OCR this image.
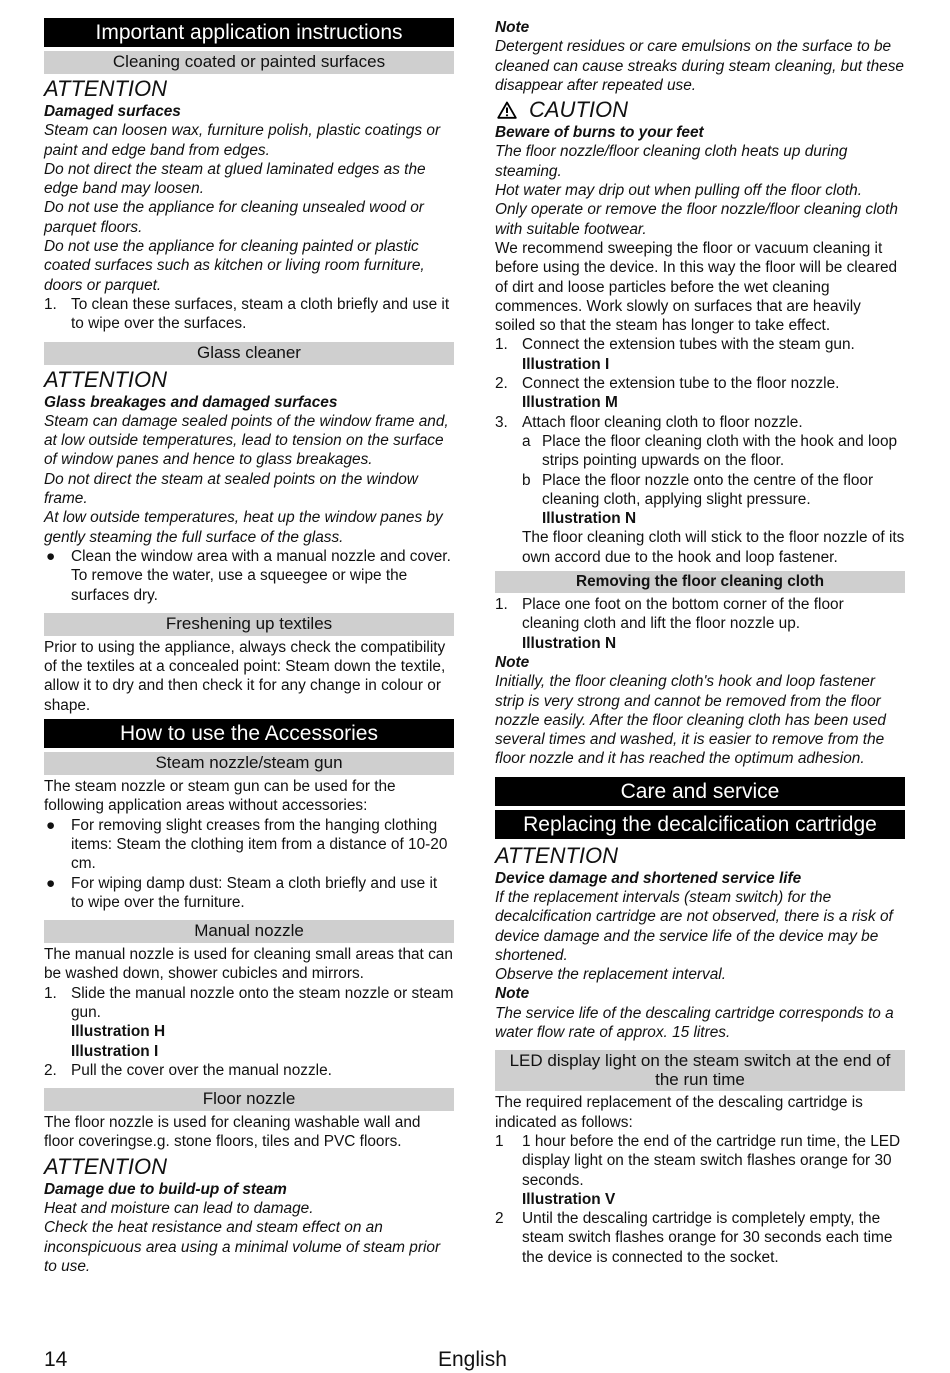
Important application instructions
Cleaning coated or painted surfaces
ATTENTION
Damaged surfaces
Steam can loosen wax, furniture polish, plastic coatings or paint and edge band from edges.
Do not direct the steam at glued laminated edges as the edge band may loosen.
Do not use the appliance for cleaning unsealed wood or parquet floors.
Do not use the appliance for cleaning painted or plastic coated surfaces such as kitchen or living room furniture, doors or parquet.
1. To clean these surfaces, steam a cloth briefly and use it to wipe over the surfaces.
Glass cleaner
ATTENTION
Glass breakages and damaged surfaces
Steam can damage sealed points of the window frame and, at low outside temperatures, lead to tension on the surface of window panes and hence to glass breakages.
Do not direct the steam at sealed points on the window frame.
At low outside temperatures, heat up the window panes by gently steaming the full surface of the glass.
●	Clean the window area with a manual nozzle and cover. To remove the water, use a squeegee or wipe the surfaces dry.
Freshening up textiles
Prior to using the appliance, always check the compatibility of the textiles at a concealed point: Steam down the textile, allow it to dry and then check it for any change in colour or shape.
How to use the Accessories
Steam nozzle/steam gun
The steam nozzle or steam gun can be used for the following application areas without accessories:
●	For removing slight creases from the hanging clothing items: Steam the clothing item from a distance of 10-20 cm.
●	For wiping damp dust: Steam a cloth briefly and use it to wipe over the furniture.
Manual nozzle
The manual nozzle is used for cleaning small areas that can be washed down, shower cubicles and mirrors.
1. Slide the manual nozzle onto the steam nozzle or steam gun.
Illustration H
Illustration I
2. Pull the cover over the manual nozzle.
Floor nozzle
The floor nozzle is used for cleaning washable wall and floor coveringse.g. stone floors, tiles and PVC floors.
ATTENTION
Damage due to build-up of steam
Heat and moisture can lead to damage.
Check the heat resistance and steam effect on an inconspicuous area using a minimal volume of steam prior to use.
Note
Detergent residues or care emulsions on the surface to be cleaned can cause streaks during steam cleaning, but these disappear after repeated use.
CAUTION
Beware of burns to your feet
The floor nozzle/floor cleaning cloth heats up during steaming.
Hot water may drip out when pulling off the floor cloth.
Only operate or remove the floor nozzle/floor cleaning cloth with suitable footwear.
We recommend sweeping the floor or vacuum cleaning it before using the device. In this way the floor will be cleared of dirt and loose particles before the wet cleaning commences. Work slowly on surfaces that are heavily soiled so that the steam has longer to take effect.
1. Connect the extension tubes with the steam gun.
Illustration I
2. Connect the extension tube to the floor nozzle.
Illustration M
3. Attach floor cleaning cloth to floor nozzle.
a Place the floor cleaning cloth with the hook and loop strips pointing upwards on the floor.
b Place the floor nozzle onto the centre of the floor cleaning cloth, applying slight pressure.
Illustration N
The floor cleaning cloth will stick to the floor nozzle of its own accord due to the hook and loop fastener.
Removing the floor cleaning cloth
1. Place one foot on the bottom corner of the floor cleaning cloth and lift the floor nozzle up.
Illustration N
Note
Initially, the floor cleaning cloth's hook and loop fastener strip is very strong and cannot be removed from the floor nozzle easily. After the floor cleaning cloth has been used several times and washed, it is easier to remove from the floor nozzle and it has reached the optimum adhesion.
Care and service
Replacing the decalcification cartridge
ATTENTION
Device damage and shortened service life
If the replacement intervals (steam switch) for the decalcification cartridge are not observed, there is a risk of device damage and the service life of the device may be shortened.
Observe the replacement interval.
Note
The service life of the descaling cartridge corresponds to a water flow rate of approx. 15 litres.
LED display light on the steam switch at the end of the run time
The required replacement of the descaling cartridge is indicated as follows:
1	1 hour before the end of the cartridge run time, the LED display light on the steam switch flashes orange for 30 seconds.
Illustration V
2	Until the descaling cartridge is completely empty, the steam switch flashes orange for 30 seconds each time the device is connected to the socket.
14	English
